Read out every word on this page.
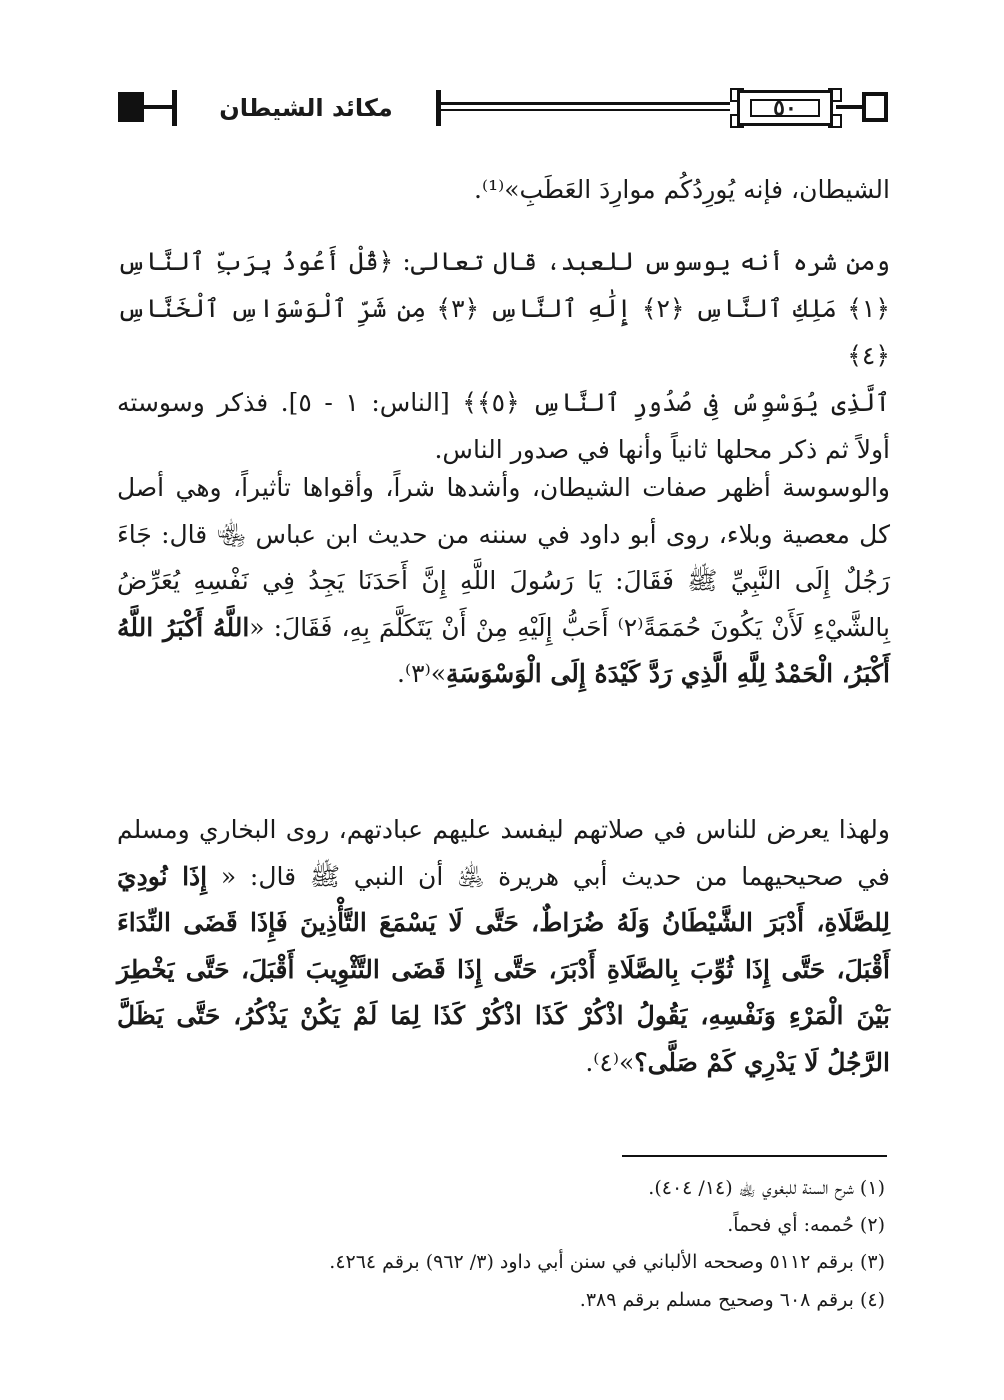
٥٠
مكائد الشيطان

الشيطان، فإنه يُورِدُكُم موارِدَ العَطَبِ»⁽¹⁾.

ومن شره أنه يوسوس للعبد، قال تعالى: ﴿قُلْ أَعُوذُ بِرَبِّ ٱلنَّاسِ

﴿١﴾ مَلِكِ ٱلنَّاسِ ﴿٢﴾ إِلَٰهِ ٱلنَّاسِ ﴿٣﴾ مِن شَرِّ ٱلْوَسْوَاسِ ٱلْخَنَّاسِ ﴿٤﴾

ٱلَّذِى يُوَسْوِسُ فِى صُدُورِ ٱلنَّاسِ ﴿٥﴾﴾ [الناس: ١ - ٥]. فذكر وسوسته

أولاً ثم ذكر محلها ثانياً وأنها في صدور الناس.

والوسوسة أظهر صفات الشيطان، وأشدها شراً، وأقواها تأثيراً، وهي أصل كل معصية وبلاء، روى أبو داود في سننه من حديث ابن عباس ﵄ قال: جَاءَ رَجُلٌ إِلَى النَّبِيِّ ﷺ فَقَالَ: يَا رَسُولَ اللَّهِ إِنَّ أَحَدَنَا يَجِدُ فِي نَفْسِهِ يُعَرِّضُ بِالشَّيْءِ لَأَنْ يَكُونَ حُمَمَةً⁽٢⁾ أَحَبُّ إِلَيْهِ مِنْ أَنْ يَتَكَلَّمَ بِهِ، فَقَالَ: «اللَّهُ أَكْبَرُ اللَّهُ أَكْبَرُ، الْحَمْدُ لِلَّهِ الَّذِي رَدَّ كَيْدَهُ إِلَى الْوَسْوَسَةِ»⁽٣⁾.

ولهذا يعرض للناس في صلاتهم ليفسد عليهم عبادتهم، روى البخاري ومسلم في صحيحيهما من حديث أبي هريرة ﵁ أن النبي ﷺ قال: « إِذَا نُودِيَ لِلصَّلَاةِ، أَدْبَرَ الشَّيْطَانُ وَلَهُ ضُرَاطٌ، حَتَّى لَا يَسْمَعَ التَّأْذِينَ فَإِذَا قَضَى النِّدَاءَ أَقْبَلَ، حَتَّى إِذَا ثُوِّبَ بِالصَّلَاةِ أَدْبَرَ، حَتَّى إِذَا قَضَى التَّثْوِيبَ أَقْبَلَ، حَتَّى يَخْطِرَ بَيْنَ الْمَرْءِ وَنَفْسِهِ، يَقُولُ اذْكُرْ كَذَا اذْكُرْ كَذَا لِمَا لَمْ يَكُنْ يَذْكُرُ، حَتَّى يَظَلَّ الرَّجُلُ لَا يَدْرِي كَمْ صَلَّى؟»⁽٤⁾.

(١) شرح السنة للبغوي ﵀ (١٤/ ٤٠٤).

(٢) حُممه: أي فحماً.

(٣) برقم ٥١١٢ وصححه الألباني في سنن أبي داود (٣/ ٩٦٢) برقم ٤٢٦٤.

(٤) برقم ٦٠٨ وصحيح مسلم برقم ٣٨٩.
